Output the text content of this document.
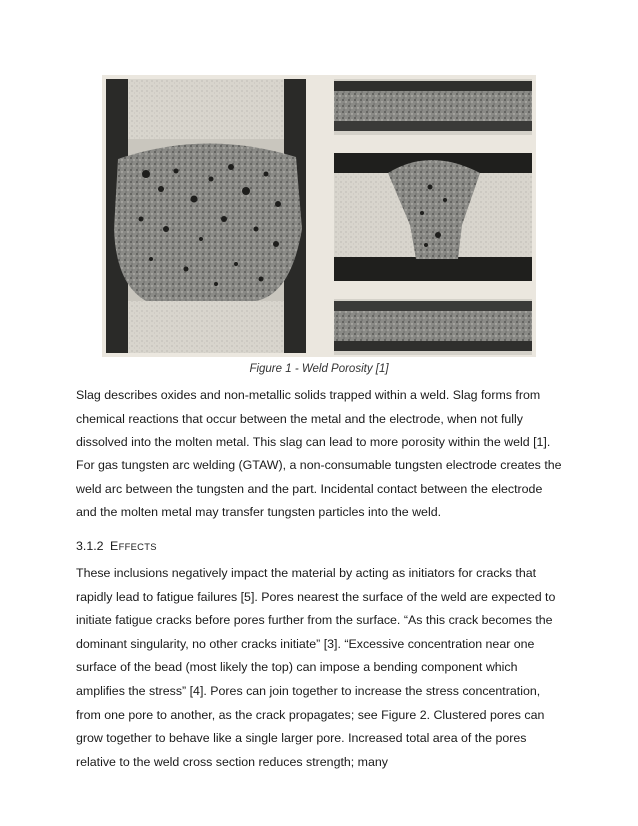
Figure 1 - Weld Porosity [1]

Slag describes oxides and non-metallic solids trapped within a weld. Slag forms from chemical reactions that occur between the metal and the electrode, when not fully dissolved into the molten metal. This slag can lead to more porosity within the weld [1].

For gas tungsten arc welding (GTAW), a non-consumable tungsten electrode creates the weld arc between the tungsten and the part. Incidental contact between the electrode and the molten metal may transfer tungsten particles into the weld.

3.1.2 EFFECTS

These inclusions negatively impact the material by acting as initiators for cracks that rapidly lead to fatigue failures [5]. Pores nearest the surface of the weld are expected to initiate fatigue cracks before pores further from the surface. “As this crack becomes the dominant singularity, no other cracks initiate” [3]. “Excessive concentration near one surface of the bead (most likely the top) can impose a bending component which amplifies the stress” [4]. Pores can join together to increase the stress concentration, from one pore to another, as the crack propagates; see Figure 2. Clustered pores can grow together to behave like a single larger pore. Increased total area of the pores relative to the weld cross section reduces strength; many
